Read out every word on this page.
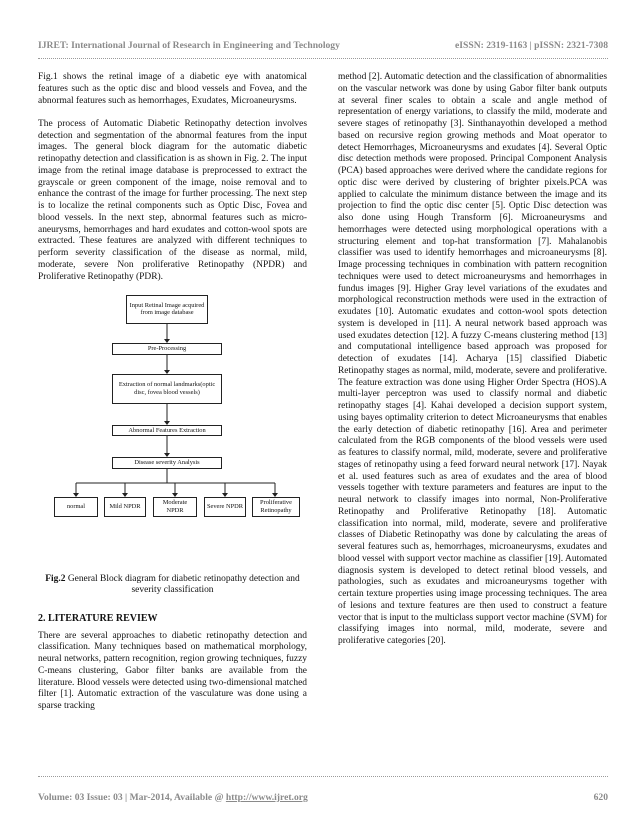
IJRET: International Journal of Research in Engineering and Technology	eISSN: 2319-1163 | pISSN: 2321-7308

Fig.1 shows the retinal image of a diabetic eye with anatomical features such as the optic disc and blood vessels and Fovea, and the abnormal features such as hemorrhages, Exudates, Microaneurysms.

The process of Automatic Diabetic Retinopathy detection involves detection and segmentation of the abnormal features from the input images. The general block diagram for the automatic diabetic retinopathy detection and classification is as shown in Fig. 2. The input image from the retinal image database is preprocessed to extract the grayscale or green component of the image, noise removal and to enhance the contrast of the image for further processing. The next step is to localize the retinal components such as Optic Disc, Fovea and blood vessels. In the next step, abnormal features such as micro-aneurysms, hemorrhages and hard exudates and cotton-wool spots are extracted. These features are analyzed with different techniques to perform severity classification of the disease as normal, mild, moderate, severe Non proliferative Retinopathy (NPDR) and Proliferative Retinopathy (PDR).

Input Retinal Image acquired from image database
Pre-Processing
Extraction of normal landmarks(optic disc, fovea blood vessels)
Abnormal Features Extraction
Disease severity Analysis
normal	Mild NPDR
Moderate NPDR
Severe NPDR
Proliferative Retinopathy
Fig.2 General Block diagram for diabetic retinopathy detection and severity classification
2. LITERATURE REVIEW

There are several approaches to diabetic retinopathy detection and classification. Many techniques based on mathematical morphology, neural networks, pattern recognition, region growing techniques, fuzzy C-means clustering, Gabor filter banks are available from the literature. Blood vessels were detected using two-dimensional matched filter [1]. Automatic extraction of the vasculature was done using a sparse tracking

method [2]. Automatic detection and the classification of abnormalities on the vascular network was done by using Gabor filter bank outputs at several finer scales to obtain a scale and angle method of representation of energy variations, to classify the mild, moderate and severe stages of retinopathy [3]. Sinthanayothin developed a method based on recursive region growing methods and Moat operator to detect Hemorrhages, Microaneurysms and exudates [4]. Several Optic disc detection methods were proposed. Principal Component Analysis (PCA) based approaches were derived where the candidate regions for optic disc were derived by clustering of brighter pixels.PCA was applied to calculate the minimum distance between the image and its projection to find the optic disc center [5]. Optic Disc detection was also done using Hough Transform [6]. Microaneurysms and hemorrhages were detected using morphological operations with a structuring element and top-hat transformation [7]. Mahalanobis classifier was used to identify hemorrhages and microaneurysms [8]. Image processing techniques in combination with pattern recognition techniques were used to detect microaneurysms and hemorrhages in fundus images [9]. Higher Gray level variations of the exudates and morphological reconstruction methods were used in the extraction of exudates [10]. Automatic exudates and cotton-wool spots detection system is developed in [11]. A neural network based approach was used exudates detection [12]. A fuzzy C-means clustering method [13] and computational intelligence based approach was proposed for detection of exudates [14]. Acharya [15] classified Diabetic Retinopathy stages as normal, mild, moderate, severe and proliferative. The feature extraction was done using Higher Order Spectra (HOS).A multi-layer perceptron was used to classify normal and diabetic retinopathy stages [4]. Kahai developed a decision support system, using bayes optimality criterion to detect Microaneurysms that enables the early detection of diabetic retinopathy [16]. Area and perimeter calculated from the RGB components of the blood vessels were used as features to classify normal, mild, moderate, severe and proliferative stages of retinopathy using a feed forward neural network [17]. Nayak et al. used features such as area of exudates and the area of blood vessels together with texture parameters and features are input to the neural network to classify images into normal, Non-Proliferative Retinopathy and Proliferative Retinopathy [18]. Automatic classification into normal, mild, moderate, severe and proliferative classes of Diabetic Retinopathy was done by calculating the areas of several features such as, hemorrhages, microaneurysms, exudates and blood vessel with support vector machine as classifier [19]. Automated diagnosis system is developed to detect retinal blood vessels, and pathologies, such as exudates and microaneurysms together with certain texture properties using image processing techniques. The area of lesions and texture features are then used to construct a feature vector that is input to the multiclass support vector machine (SVM) for classifying images into normal, mild, moderate, severe and proliferative categories [20].

Volume: 03 Issue: 03 | Mar-2014, Available @ http://www.ijret.org	620
